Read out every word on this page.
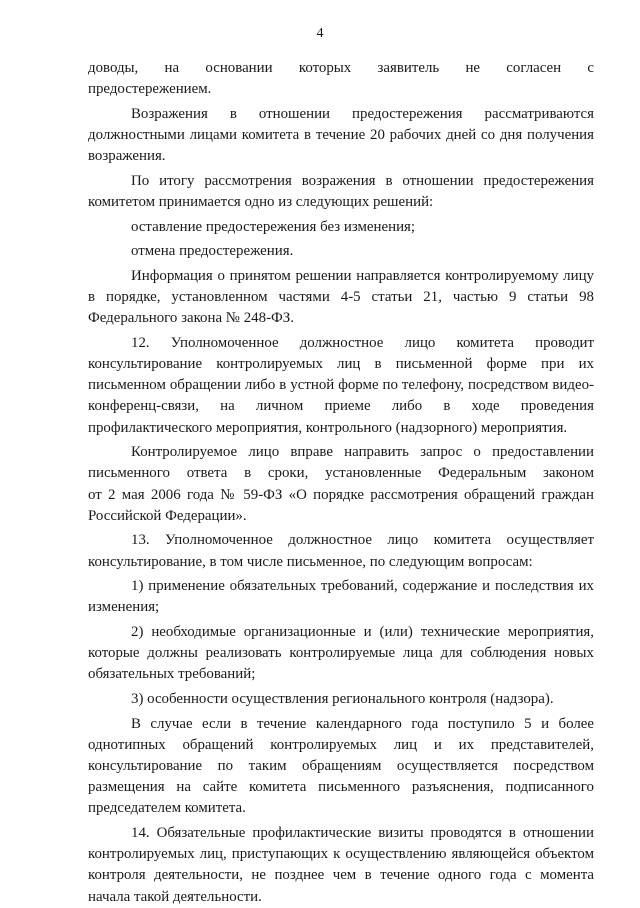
4

доводы, на основании которых заявитель не согласен с
предостережением.

Возражения в отношении предостережения рассматриваются
должностными лицами комитета в течение 20 рабочих дней со дня получения
возражения.

По итогу рассмотрения возражения в отношении предостережения
комитетом принимается одно из следующих решений:

оставление предостережения без изменения;

отмена предостережения.

Информация о принятом решении направляется контролируемому лицу
в порядке, установленном частями 4-5 статьи 21, частью 9 статьи 98
Федерального закона № 248-ФЗ.

12. Уполномоченное должностное лицо комитета проводит
консультирование контролируемых лиц в письменной форме при их
письменном обращении либо в устной форме по телефону, посредством видео-
конференц-связи, на личном приеме либо в ходе проведения
профилактического мероприятия, контрольного (надзорного) мероприятия.

Контролируемое лицо вправе направить запрос о предоставлении
письменного ответа в сроки, установленные Федеральным законом
от 2 мая 2006 года № 59-ФЗ «О порядке рассмотрения обращений граждан
Российской Федерации».

13. Уполномоченное должностное лицо комитета осуществляет
консультирование, в том числе письменное, по следующим вопросам:

1) применение обязательных требований, содержание и последствия их
изменения;

2) необходимые организационные и (или) технические мероприятия,
которые должны реализовать контролируемые лица для соблюдения новых
обязательных требований;

3) особенности осуществления регионального контроля (надзора).

В случае если в течение календарного года поступило 5 и более
однотипных обращений контролируемых лиц и их представителей,
консультирование по таким обращениям осуществляется посредством
размещения на сайте комитета письменного разъяснения, подписанного
председателем комитета.

14. Обязательные профилактические визиты проводятся в отношении
контролируемых лиц, приступающих к осуществлению являющейся объектом
контроля деятельности, не позднее чем в течение одного года с момента
начала такой деятельности.
